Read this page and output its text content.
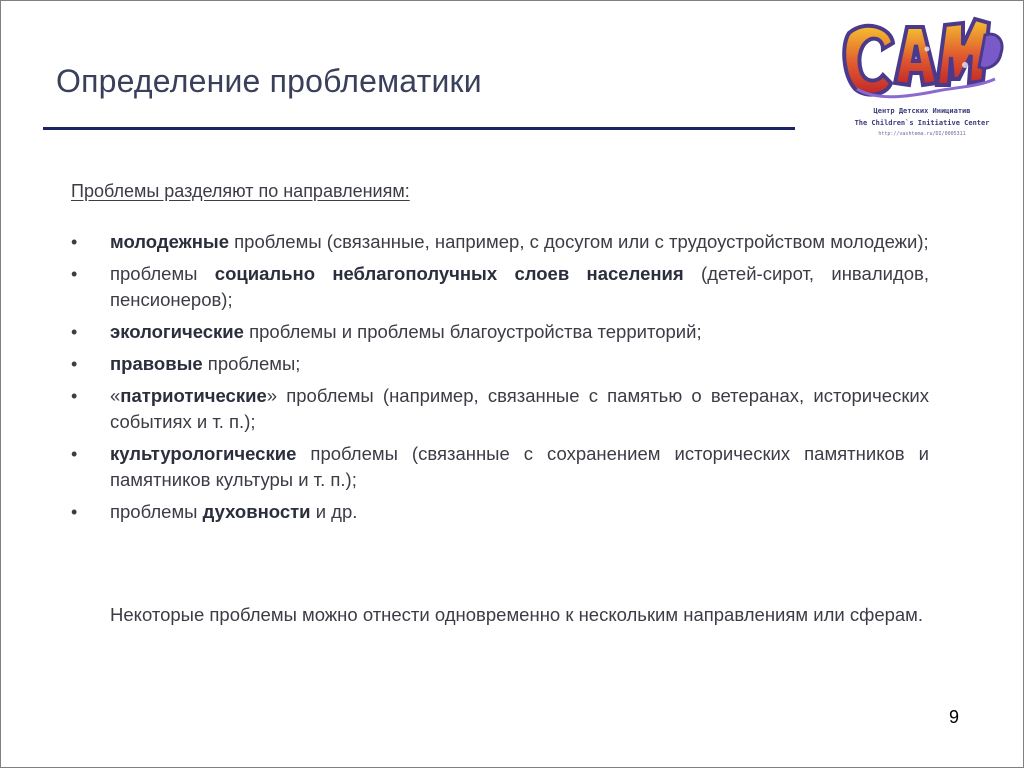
Определение проблематики
Центр Детских Инициатив
The Children`s Initiative Center
http://vashtema.ru/DI/0005311
Проблемы разделяют по направлениям:
• молодежные проблемы (связанные, например, с досугом или с трудоустройством молодежи);
• проблемы социально неблагополучных слоев населения (детей-сирот, инвалидов, пенсионеров);
• экологические проблемы и проблемы благоустройства территорий;
• правовые проблемы;
• «патриотические» проблемы (например, связанные с памятью о ветеранах, исторических событиях и т. п.);
• культурологические проблемы (связанные с сохранением исторических памятников и памятников культуры и т. п.);
• проблемы духовности и др.

Некоторые проблемы можно отнести одновременно к нескольким направлениям или сферам.

9
